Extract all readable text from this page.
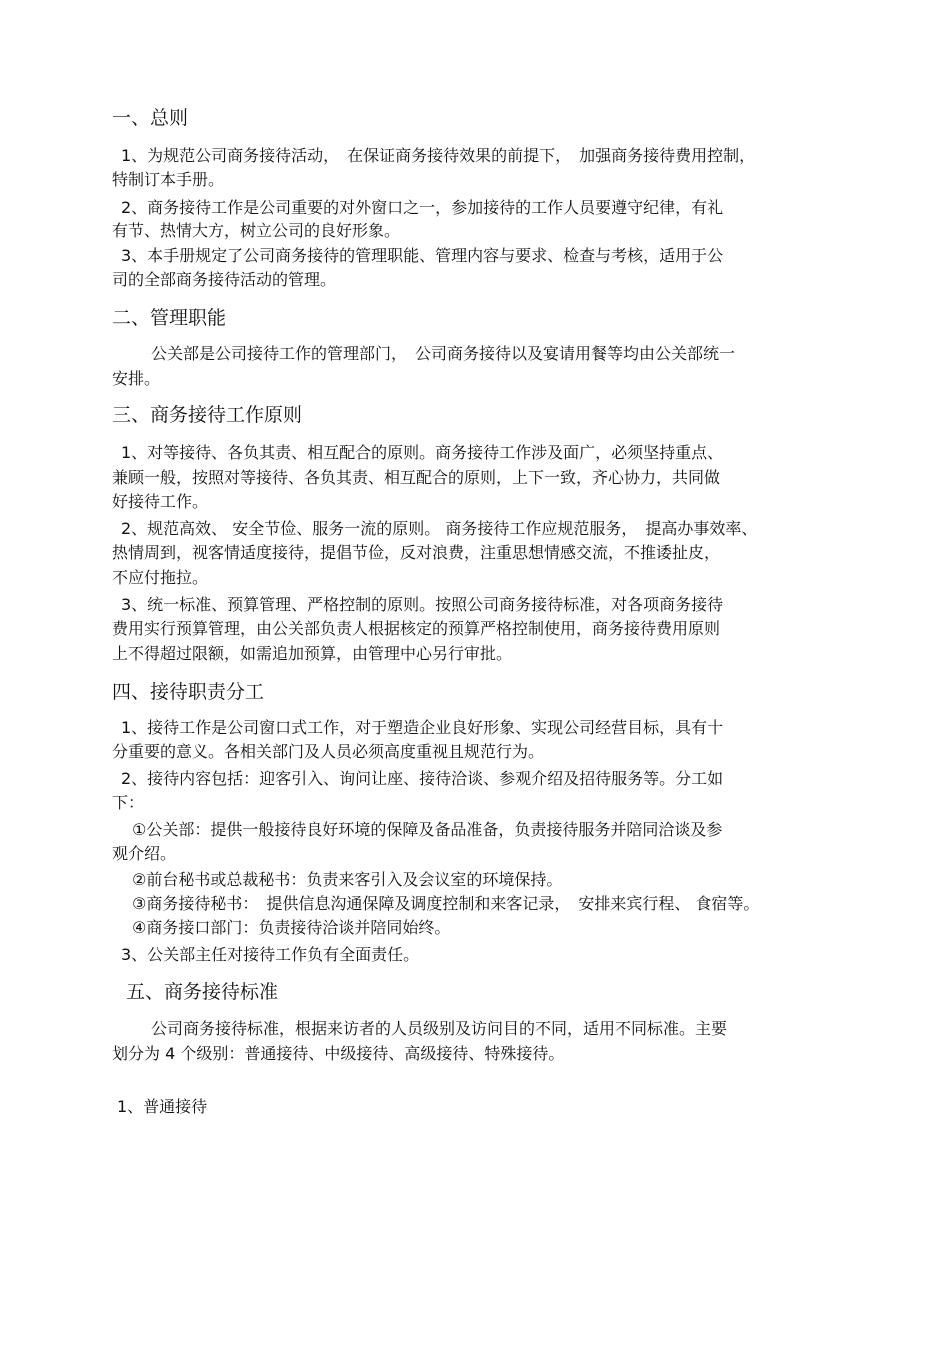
一、总则
1、为规范公司商务接待活动，　在保证商务接待效果的前提下，　加强商务接待费用控制，
特制订本手册。
2、商务接待工作是公司重要的对外窗口之一，参加接待的工作人员要遵守纪律，有礼
有节、热情大方，树立公司的良好形象。
3、本手册规定了公司商务接待的管理职能、管理内容与要求、检查与考核，适用于公
司的全部商务接待活动的管理。
二、管理职能
公关部是公司接待工作的管理部门，　公司商务接待以及宴请用餐等均由公关部统一
安排。
三、商务接待工作原则
1、对等接待、各负其责、相互配合的原则。商务接待工作涉及面广，必须坚持重点、
兼顾一般，按照对等接待、各负其责、相互配合的原则，上下一致，齐心协力，共同做
好接待工作。
2、规范高效、 安全节俭、服务一流的原则。 商务接待工作应规范服务，　提高办事效率、
热情周到，视客情适度接待，提倡节俭，反对浪费，注重思想情感交流，不推诿扯皮，
不应付拖拉。
3、统一标准、预算管理、严格控制的原则。按照公司商务接待标准，对各项商务接待
费用实行预算管理，由公关部负责人根据核定的预算严格控制使用，商务接待费用原则
上不得超过限额，如需追加预算，由管理中心另行审批。
四、接待职责分工
1、接待工作是公司窗口式工作，对于塑造企业良好形象、实现公司经营目标，具有十
分重要的意义。各相关部门及人员必须高度重视且规范行为。
2、接待内容包括：迎客引入、询问让座、接待洽谈、参观介绍及招待服务等。分工如
下：
①公关部：提供一般接待良好环境的保障及备品准备，负责接待服务并陪同洽谈及参
观介绍。
②前台秘书或总裁秘书：负责来客引入及会议室的环境保持。
③商务接待秘书：　提供信息沟通保障及调度控制和来客记录，　安排来宾行程、 食宿等。
④商务接口部门：负责接待洽谈并陪同始终。
3、公关部主任对接待工作负有全面责任。
五、商务接待标准
公司商务接待标准，根据来访者的人员级别及访问目的不同，适用不同标准。主要
划分为 4 个级别：普通接待、中级接待、高级接待、特殊接待。
1、普通接待
